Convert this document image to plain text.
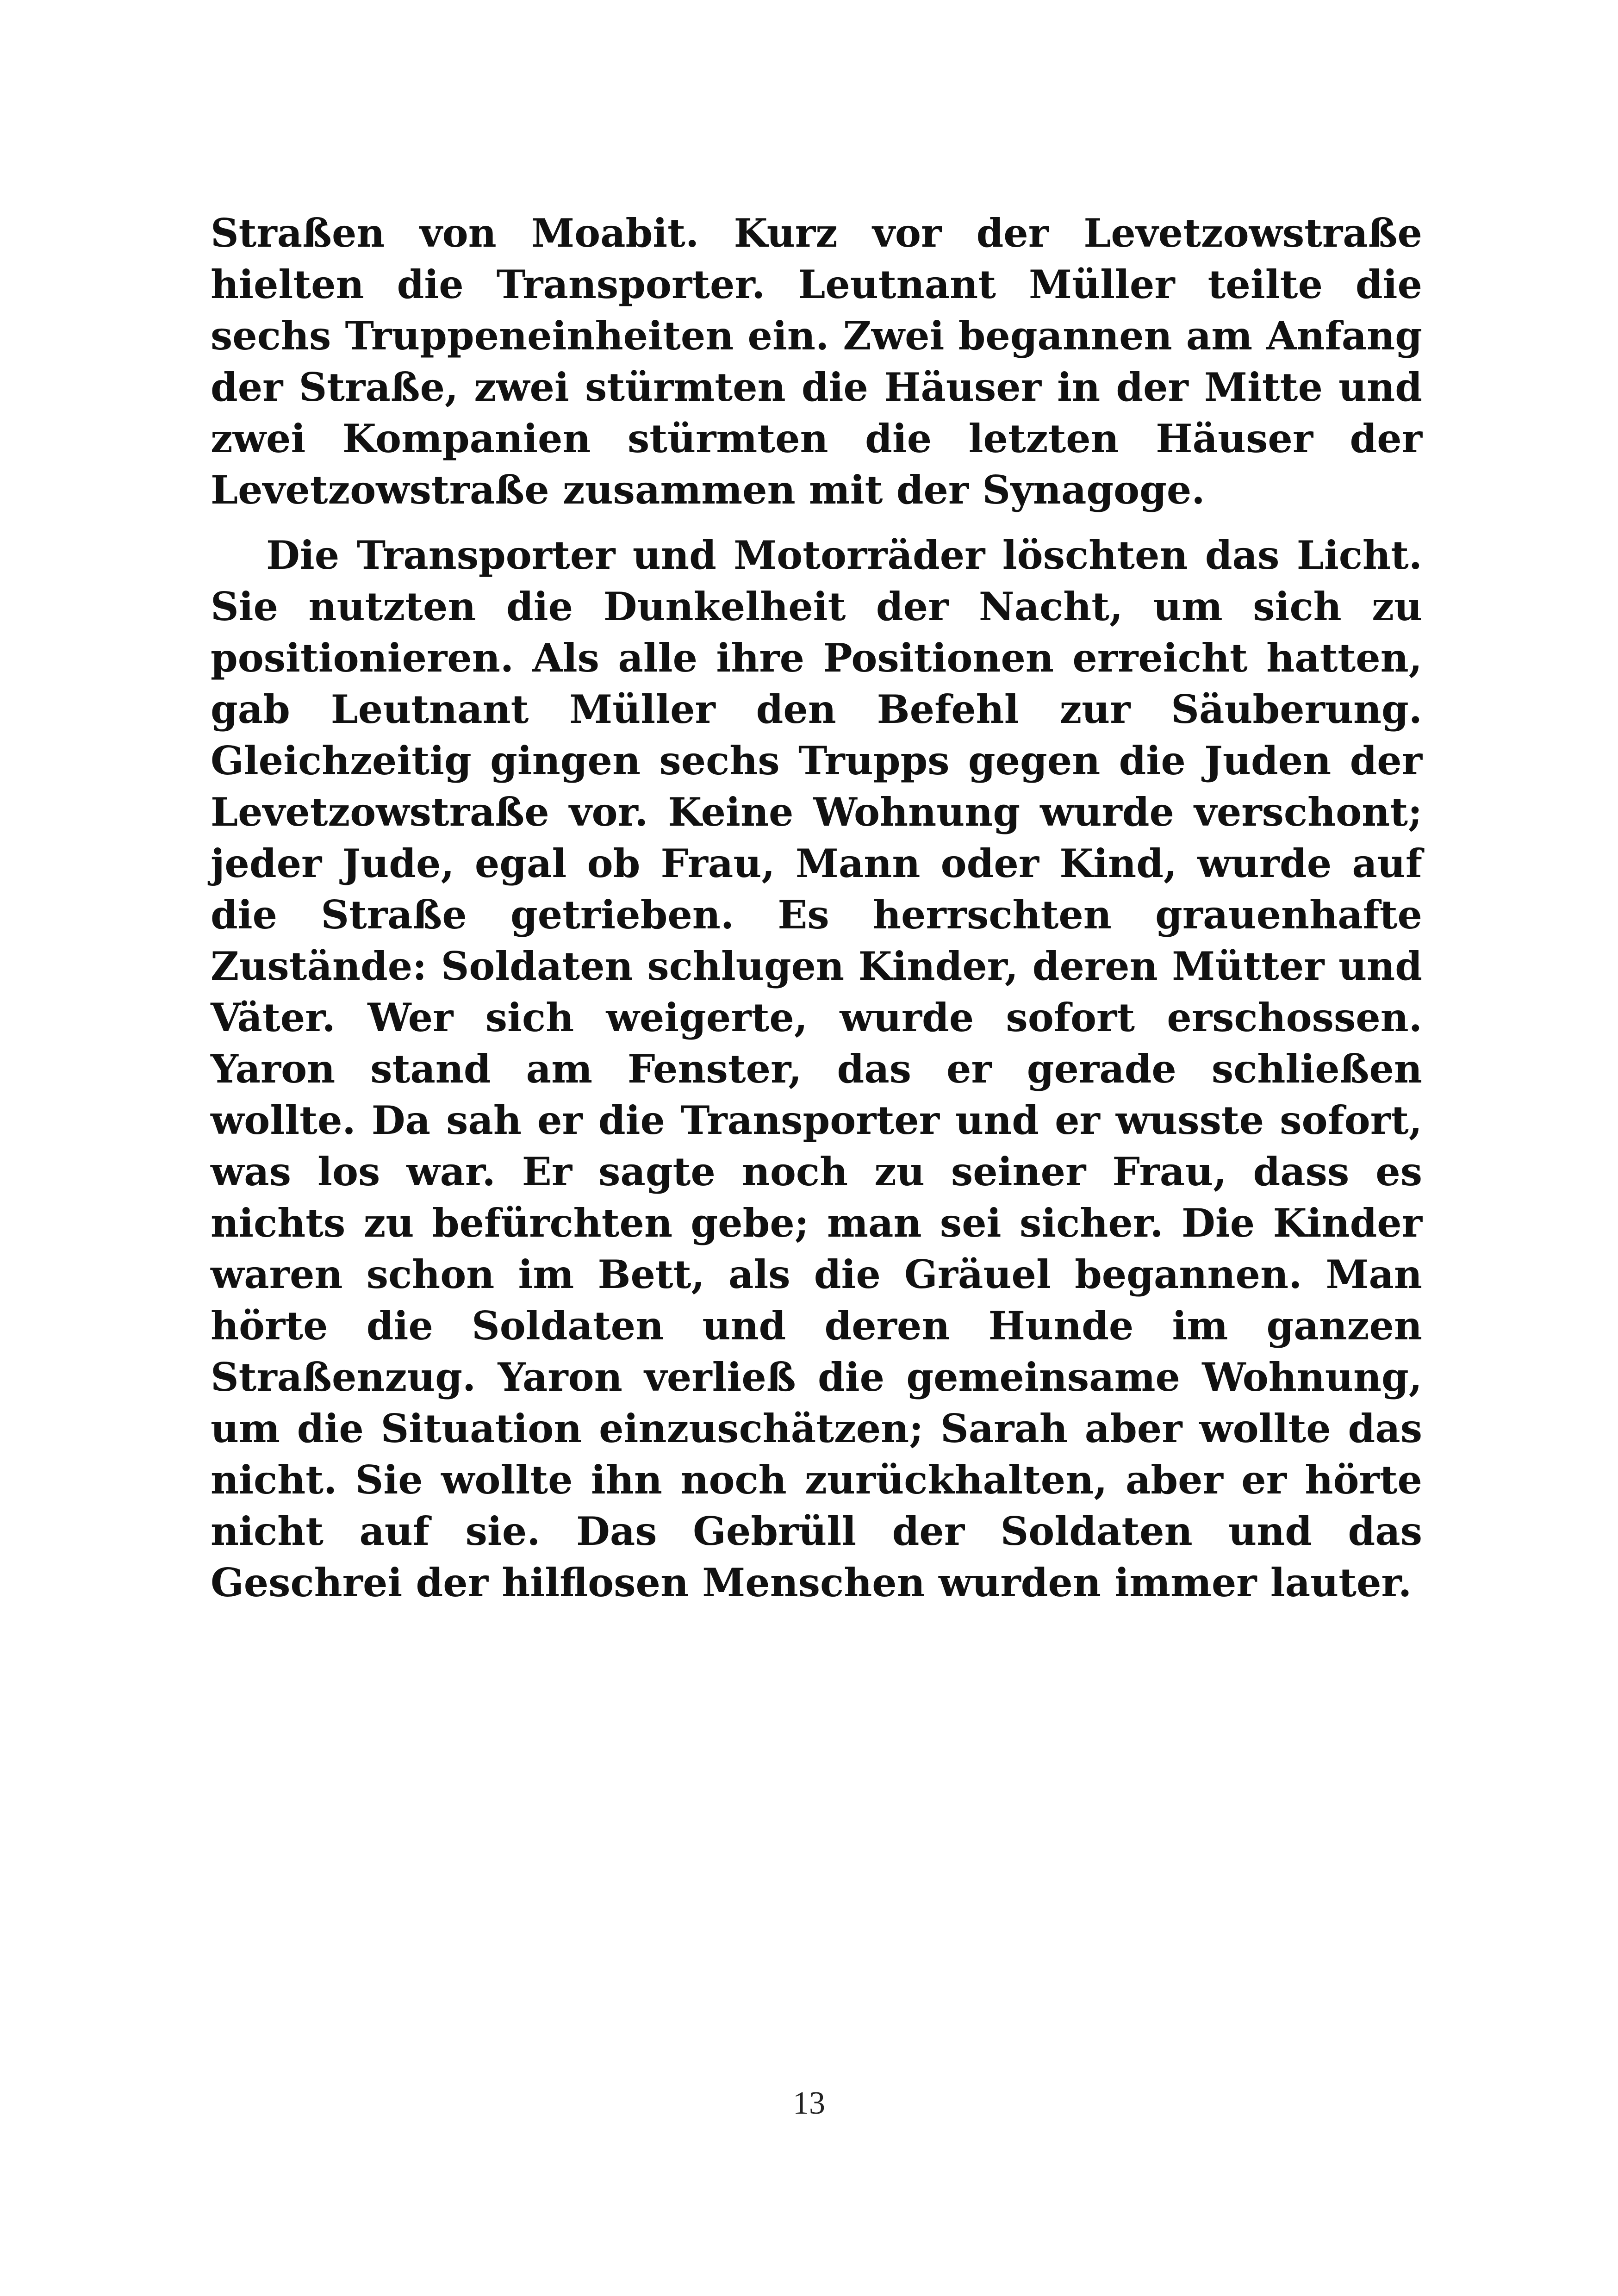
Straßen von Moabit. Kurz vor der Levetzowstraße hielten die Transporter. Leutnant Müller teilte die sechs Truppeneinheiten ein. Zwei begannen am Anfang der Straße, zwei stürmten die Häuser in der Mitte und zwei Kompanien stürmten die letzten Häuser der Levetzowstraße zusammen mit der Synagoge.

Die Transporter und Motorräder löschten das Licht. Sie nutzten die Dunkelheit der Nacht, um sich zu positionieren. Als alle ihre Positionen erreicht hatten, gab Leutnant Müller den Befehl zur Säuberung. Gleichzeitig gingen sechs Trupps gegen die Juden der Levetzowstraße vor. Keine Wohnung wurde verschont; jeder Jude, egal ob Frau, Mann oder Kind, wurde auf die Straße getrieben. Es herrschten grauenhafte Zustände: Soldaten schlugen Kinder, deren Mütter und Väter. Wer sich weigerte, wurde sofort erschossen. Yaron stand am Fenster, das er gerade schließen wollte. Da sah er die Transporter und er wusste sofort, was los war. Er sagte noch zu seiner Frau, dass es nichts zu befürchten gebe; man sei sicher. Die Kinder waren schon im Bett, als die Gräuel begannen. Man hörte die Soldaten und deren Hunde im ganzen Straßenzug. Yaron verließ die gemeinsame Wohnung, um die Situation einzuschätzen; Sarah aber wollte das nicht. Sie wollte ihn noch zurückhalten, aber er hörte nicht auf sie. Das Gebrüll der Soldaten und das Geschrei der hilflosen Menschen wurden immer lauter.

13
